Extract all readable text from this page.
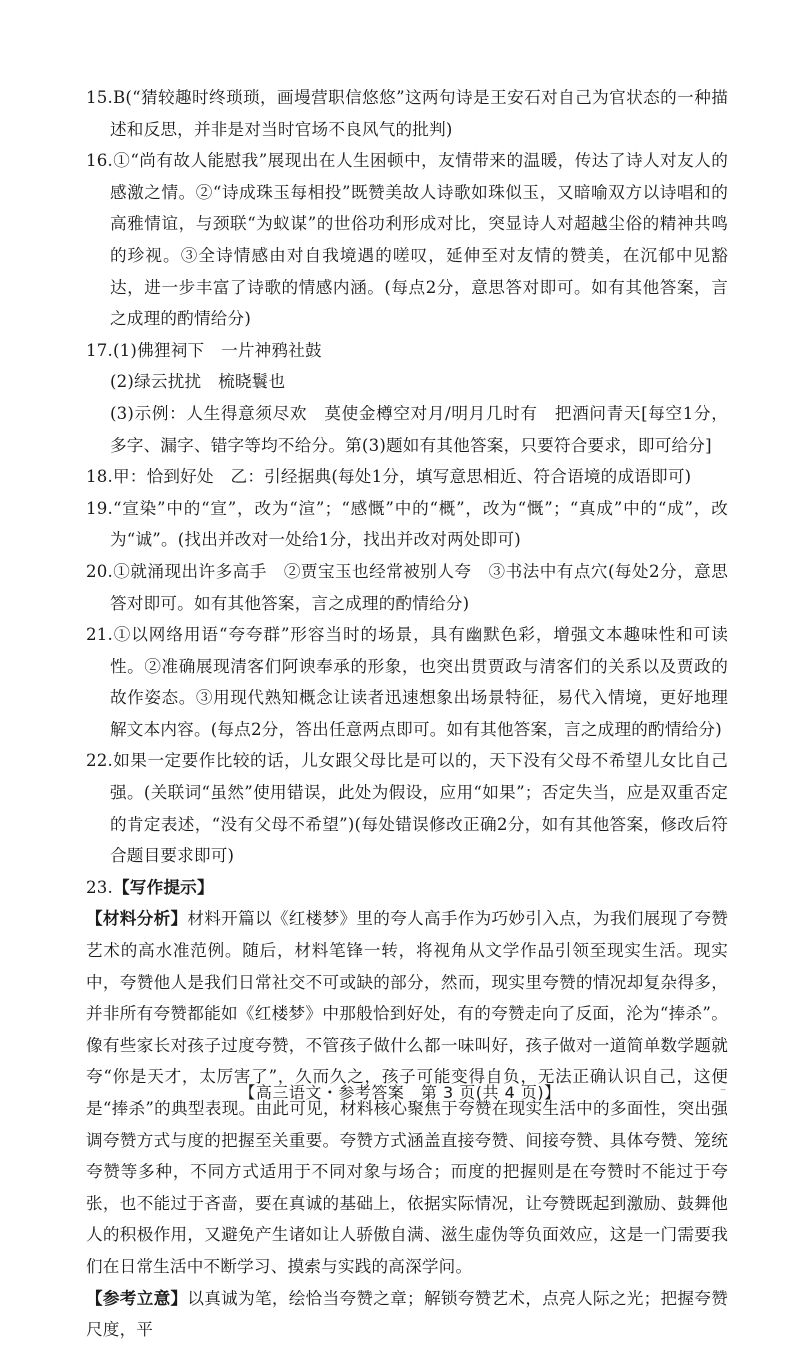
15.B(“猜较趣时终琐琐，画墁营职信悠悠”这两句诗是王安石对自己为官状态的一种描述和反思，并非是对当时官场不良风气的批判)

16.①“尚有故人能慰我”展现出在人生困顿中，友情带来的温暖，传达了诗人对友人的感激之情。②“诗成珠玉每相投”既赞美故人诗歌如珠似玉，又暗喻双方以诗唱和的高雅情谊，与颈联“为蚁谋”的世俗功利形成对比，突显诗人对超越尘俗的精神共鸣的珍视。③全诗情感由对自我境遇的嗟叹，延伸至对友情的赞美，在沉郁中见豁达，进一步丰富了诗歌的情感内涵。(每点2分，意思答对即可。如有其他答案，言之成理的酌情给分)

17.(1)佛狸祠下　一片神鸦社鼓

(2)绿云扰扰　梳晓鬟也

(3)示例：人生得意须尽欢　莫使金樽空对月/明月几时有　把酒问青天[每空1分，多字、漏字、错字等均不给分。第(3)题如有其他答案，只要符合要求，即可给分]

18.甲：恰到好处　乙：引经据典(每处1分，填写意思相近、符合语境的成语即可)

19.“宣染”中的“宣”，改为“渲”；“感慨”中的“概”，改为“慨”；“真成”中的“成”，改为“诚”。(找出并改对一处给1分，找出并改对两处即可)

20.①就涌现出许多高手　②贾宝玉也经常被别人夸　③书法中有点穴(每处2分，意思答对即可。如有其他答案，言之成理的酌情给分)

21.①以网络用语“夸夸群”形容当时的场景，具有幽默色彩，增强文本趣味性和可读性。②准确展现清客们阿谀奉承的形象，也突出贯贾政与清客们的关系以及贾政的故作姿态。③用现代熟知概念让读者迅速想象出场景特征，易代入情境，更好地理解文本内容。(每点2分，答出任意两点即可。如有其他答案，言之成理的酌情给分)

22.如果一定要作比较的话，儿女跟父母比是可以的，天下没有父母不希望儿女比自己强。(关联词“虽然”使用错误，此处为假设，应用“如果”；否定失当，应是双重否定的肯定表述，“没有父母不希望”)(每处错误修改正确2分，如有其他答案，修改后符合题目要求即可)

23.【写作提示】

【材料分析】材料开篇以《红楼梦》里的夸人高手作为巧妙引入点，为我们展现了夸赞艺术的高水准范例。随后，材料笔锋一转，将视角从文学作品引领至现实生活。现实中，夸赞他人是我们日常社交不可或缺的部分，然而，现实里夸赞的情况却复杂得多，并非所有夸赞都能如《红楼梦》中那般恰到好处，有的夸赞走向了反面，沦为“捧杀”。像有些家长对孩子过度夸赞，不管孩子做什么都一味叫好，孩子做对一道简单数学题就夸“你是天才，太厉害了”，久而久之，孩子可能变得自负，无法正确认识自己，这便是“捧杀”的典型表现。由此可见，材料核心聚焦于夸赞在现实生活中的多面性，突出强调夸赞方式与度的把握至关重要。夸赞方式涵盖直接夸赞、间接夸赞、具体夸赞、笼统夸赞等多种，不同方式适用于不同对象与场合；而度的把握则是在夸赞时不能过于夸张，也不能过于吝啬，要在真诚的基础上，依据实际情况，让夸赞既起到激励、鼓舞他人的积极作用，又避免产生诸如让人骄傲自满、滋生虚伪等负面效应，这是一门需要我们在日常生活中不断学习、摸索与实践的高深学问。

【参考立意】以真诚为笔，绘恰当夸赞之章；解锁夸赞艺术，点亮人际之光；把握夸赞尺度，平

【高三语文・参考答案　第 3 页(共 4 页)】	⁻
